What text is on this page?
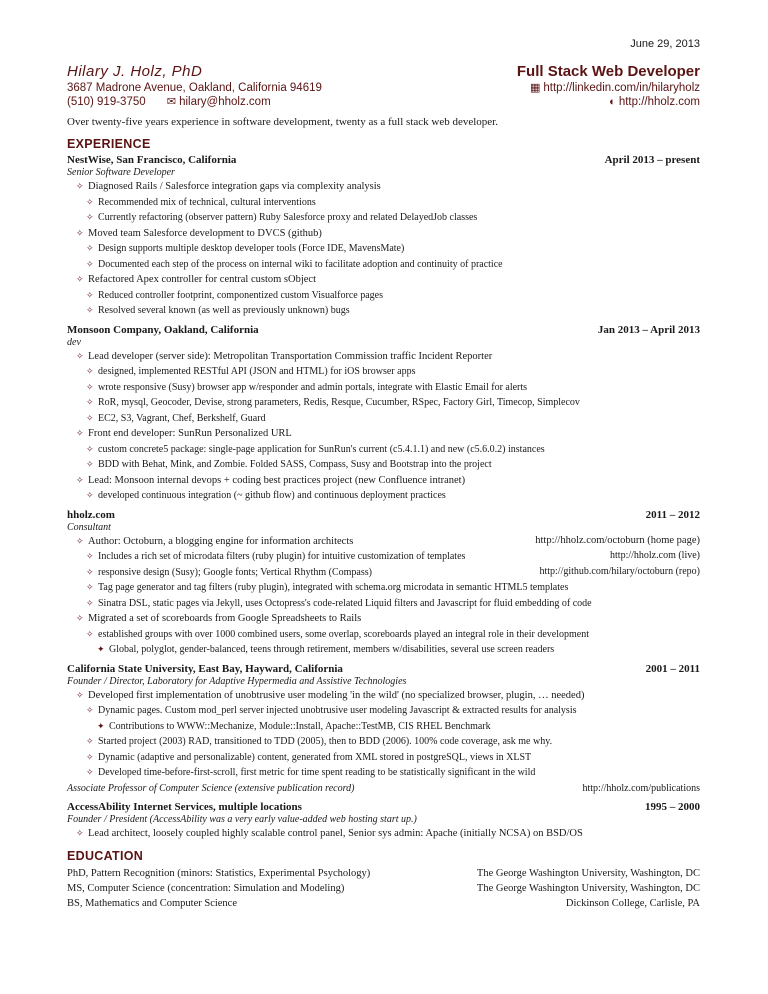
June 29, 2013
Hilary J. Holz, PhD
3687 Madrone Avenue, Oakland, California 94619
(510) 919-3750 ✉ hilary@hholz.com
Full Stack Web Developer
▦ http://linkedin.com/in/hilaryholz
◐ http://hholz.com
Over twenty-five years experience in software development, twenty as a full stack web developer.
EXPERIENCE
NestWise, San Francisco, California	April 2013 – present
Senior Software Developer
✧ Diagnosed Rails / Salesforce integration gaps via complexity analysis
✧ Recommended mix of technical, cultural interventions
✧ Currently refactoring (observer pattern) Ruby Salesforce proxy and related DelayedJob classes
✧ Moved team Salesforce development to DVCS (github)
✧ Design supports multiple desktop developer tools (Force IDE, MavensMate)
✧ Documented each step of the process on internal wiki to facilitate adoption and continuity of practice
✧ Refactored Apex controller for central custom sObject
✧ Reduced controller footprint, componentized custom Visualforce pages
✧ Resolved several known (as well as previously unknown) bugs
Monsoon Company, Oakland, California	Jan 2013 – April 2013
dev
✧ Lead developer (server side): Metropolitan Transportation Commission traffic Incident Reporter
✧ designed, implemented RESTful API (JSON and HTML) for iOS browser apps
✧ wrote responsive (Susy) browser app w/responder and admin portals, integrate with Elastic Email for alerts
✧ RoR, mysql, Geocoder, Devise, strong parameters, Redis, Resque, Cucumber, RSpec, Factory Girl, Timecop, Simplecov
✧ EC2, S3, Vagrant, Chef, Berkshelf, Guard
✧ Front end developer: SunRun Personalized URL
✧ custom concrete5 package: single-page application for SunRun's current (c5.4.1.1) and new (c5.6.0.2) instances
✧ BDD with Behat, Mink, and Zombie. Folded SASS, Compass, Susy and Bootstrap into the project
✧ Lead: Monsoon internal devops + coding best practices project (new Confluence intranet)
✧ developed continuous integration (~ github flow) and continuous deployment practices
hholz.com	2011 – 2012
Consultant
✧ Author: Octoburn, a blogging engine for information architects	http://hholz.com/octoburn (home page)
✧ Includes a rich set of microdata filters (ruby plugin) for intuitive customization of templates	http://hholz.com (live)
✧ responsive design (Susy); Google fonts; Vertical Rhythm (Compass)	http://github.com/hilary/octoburn (repo)
✧ Tag page generator and tag filters (ruby plugin), integrated with schema.org microdata in semantic HTML5 templates
✧ Sinatra DSL, static pages via Jekyll, uses Octopress's code-related Liquid filters and Javascript for fluid embedding of code
✧ Migrated a set of scoreboards from Google Spreadsheets to Rails
✧ established groups with over 1000 combined users, some overlap, scoreboards played an integral role in their development
✦ Global, polyglot, gender-balanced, teens through retirement, members w/disabilities, several use screen readers
California State University, East Bay, Hayward, California	2001 – 2011
Founder / Director, Laboratory for Adaptive Hypermedia and Assistive Technologies
✧ Developed first implementation of unobtrusive user modeling 'in the wild' (no specialized browser, plugin, … needed)
✧ Dynamic pages. Custom mod_perl server injected unobtrusive user modeling Javascript & extracted results for analysis
✦ Contributions to WWW::Mechanize, Module::Install, Apache::TestMB, CIS RHEL Benchmark
✧ Started project (2003) RAD, transitioned to TDD (2005), then to BDD (2006). 100% code coverage, ask me why.
✧ Dynamic (adaptive and personalizable) content, generated from XML stored in postgreSQL, views in XLST
✧ Developed time-before-first-scroll, first metric for time spent reading to be statistically significant in the wild
Associate Professor of Computer Science (extensive publication record)	http://hholz.com/publications
AccessAbility Internet Services, multiple locations	1995 – 2000
Founder / President (AccessAbility was a very early value-added web hosting start up.)
✧ Lead architect, loosely coupled highly scalable control panel, Senior sys admin: Apache (initially NCSA) on BSD/OS
EDUCATION
PhD, Pattern Recognition (minors: Statistics, Experimental Psychology)	The George Washington University, Washington, DC
MS, Computer Science (concentration: Simulation and Modeling)	The George Washington University, Washington, DC
BS, Mathematics and Computer Science	Dickinson College, Carlisle, PA
